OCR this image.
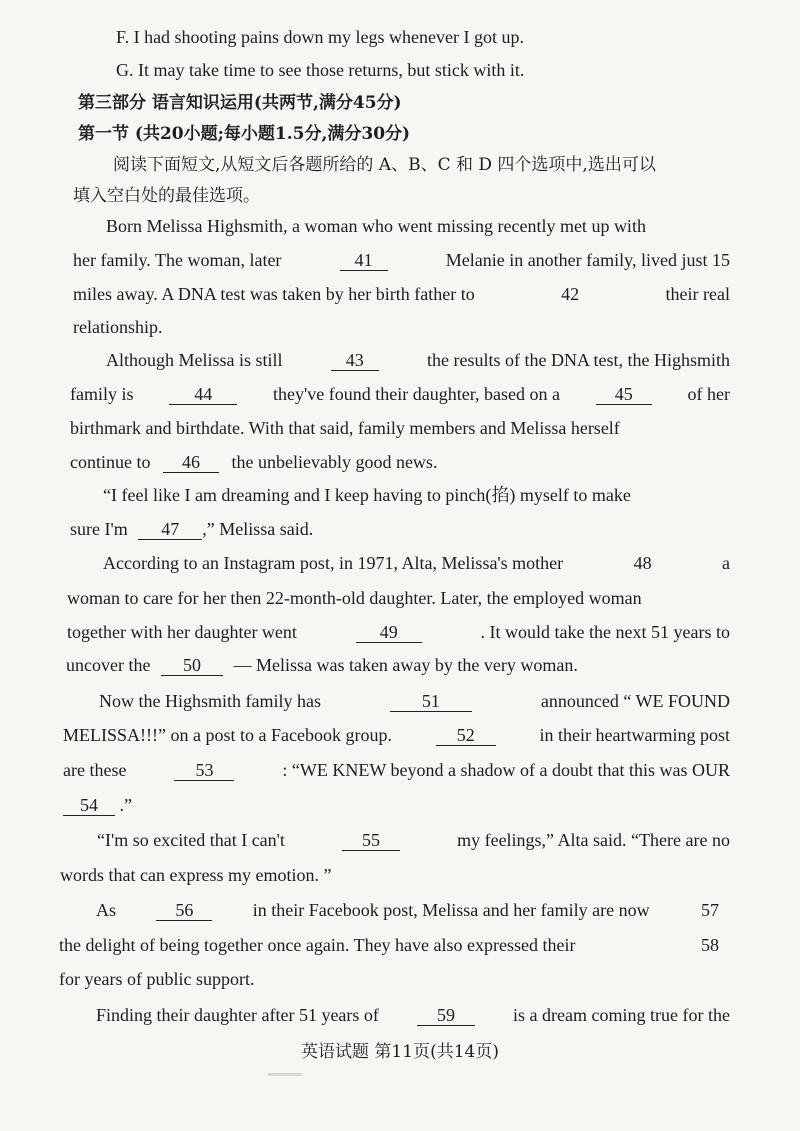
F. I had shooting pains down my legs whenever I got up.
G. It may take time to see those returns, but stick with it.
第三部分 语言知识运用(共两节,满分45分)
第一节 (共20小题;每小题1.5分,满分30分)
阅读下面短文,从短文后各题所给的 A、B、C 和 D 四个选项中,选出可以
填入空白处的最佳选项。
Born Melissa Highsmith, a woman who went missing recently met up with
her family. The woman, later	41	Melanie in another family, lived just 15
miles away. A DNA test was taken by her birth father to	42	their real
relationship.
Although Melissa is still	43	the results of the DNA test, the Highsmith
family is	44	they've found their daughter, based on a	45	of her
birthmark and birthdate. With that said, family members and Melissa herself
continue to 46 the unbelievably good news.
“I feel like I am dreaming and I keep having to pinch(掐) myself to make
sure I'm 47 ,” Melissa said.
According to an Instagram post, in 1971, Alta, Melissa's mother	48	a
woman to care for her then 22-month-old daughter. Later, the employed woman
together with her daughter went	49	. It would take the next 51 years to
uncover the 50 — Melissa was taken away by the very woman.
Now the Highsmith family has	51	announced “ WE FOUND
MELISSA!!!” on a post to a Facebook group.	52	in their heartwarming post
are these	53	: “WE KNEW beyond a shadow of a doubt that this was OUR
54 .”
“I'm so excited that I can't	55	my feelings,” Alta said. “There are no
words that can express my emotion. ”
As	56	in their Facebook post, Melissa and her family are now	57
the delight of being together once again. They have also expressed their	58
for years of public support.
Finding their daughter after 51 years of	59	is a dream coming true for the
英语试题 第11页(共14页)
